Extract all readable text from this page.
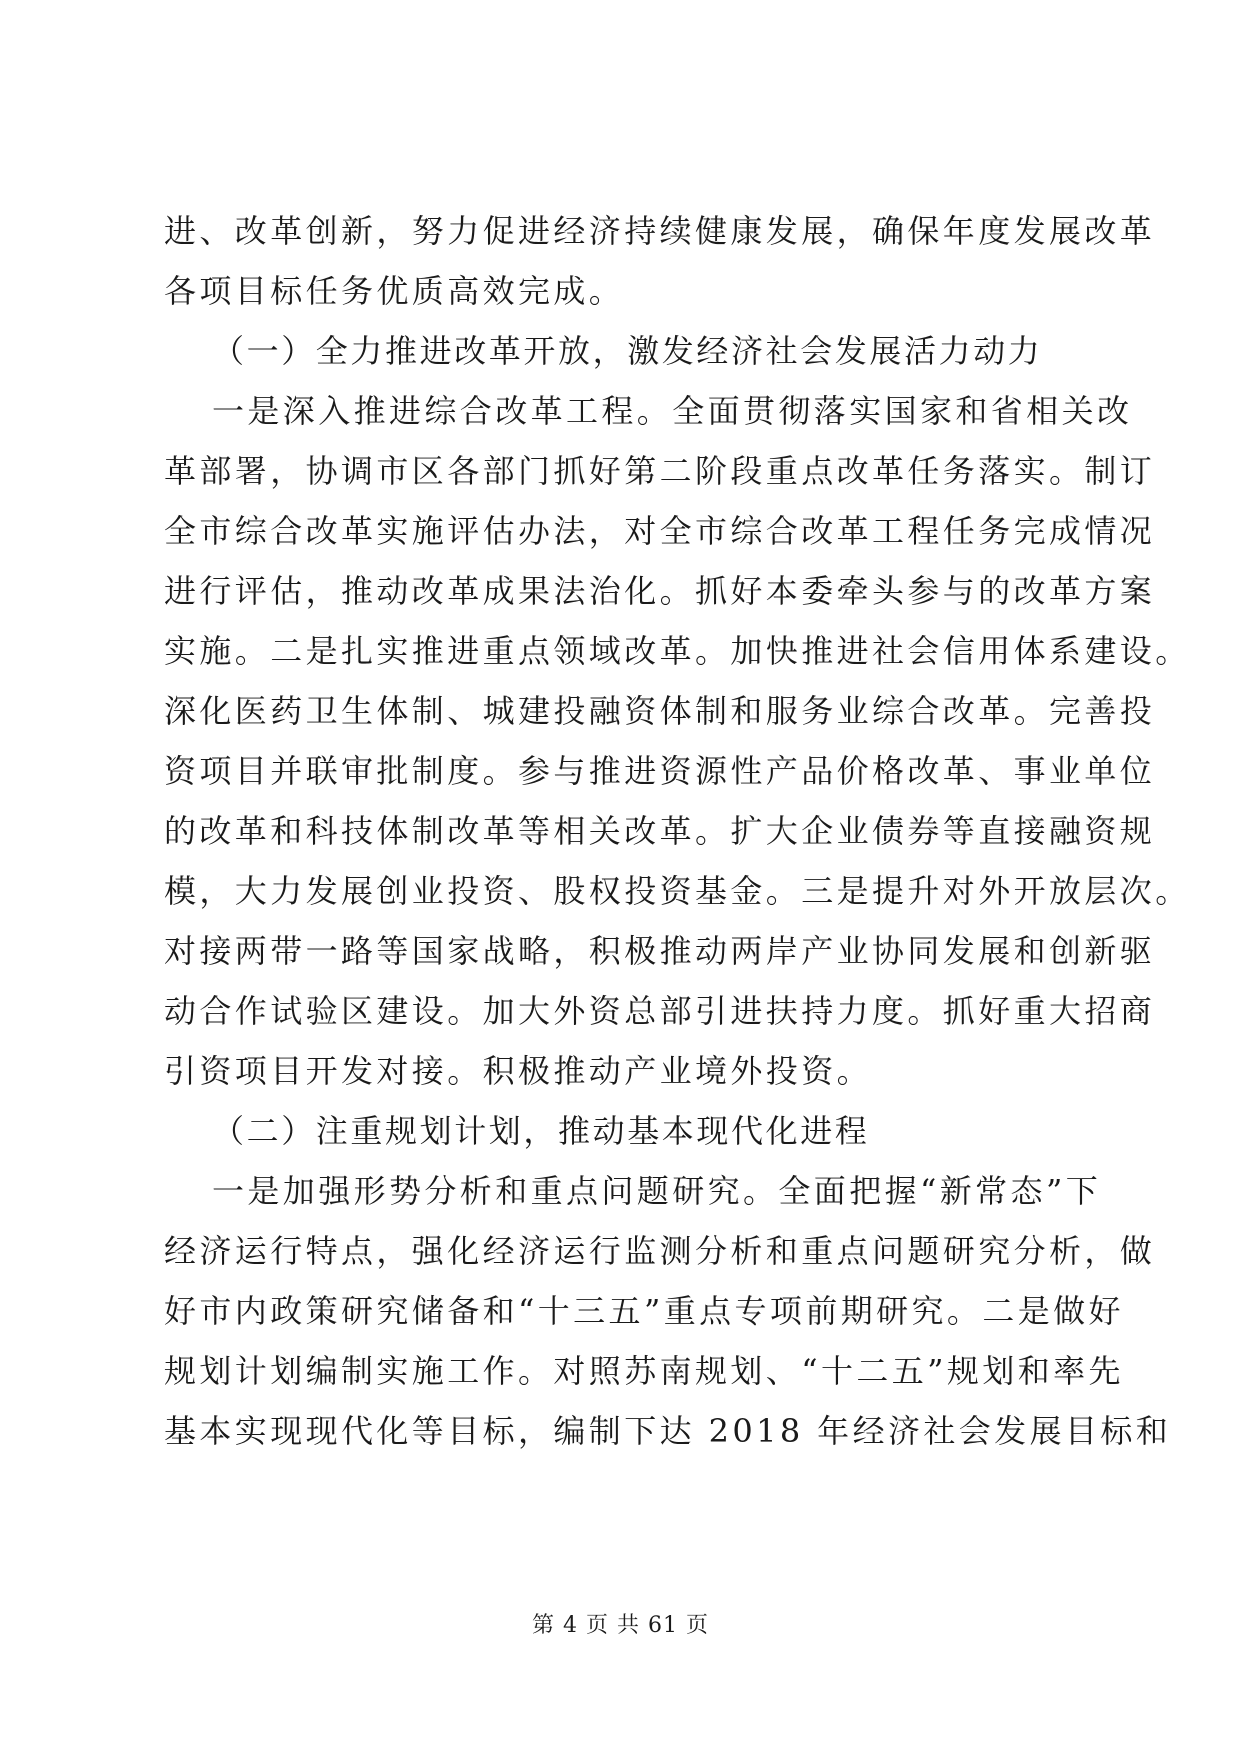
进、改革创新，努力促进经济持续健康发展，确保年度发展改革
各项目标任务优质高效完成。
（一）全力推进改革开放，激发经济社会发展活力动力
一是深入推进综合改革工程。全面贯彻落实国家和省相关改
革部署，协调市区各部门抓好第二阶段重点改革任务落实。制订
全市综合改革实施评估办法，对全市综合改革工程任务完成情况
进行评估，推动改革成果法治化。抓好本委牵头参与的改革方案
实施。二是扎实推进重点领域改革。加快推进社会信用体系建设。
深化医药卫生体制、城建投融资体制和服务业综合改革。完善投
资项目并联审批制度。参与推进资源性产品价格改革、事业单位
的改革和科技体制改革等相关改革。扩大企业债券等直接融资规
模，大力发展创业投资、股权投资基金。三是提升对外开放层次。
对接两带一路等国家战略，积极推动两岸产业协同发展和创新驱
动合作试验区建设。加大外资总部引进扶持力度。抓好重大招商
引资项目开发对接。积极推动产业境外投资。
（二）注重规划计划，推动基本现代化进程
一是加强形势分析和重点问题研究。全面把握“新常态”下
经济运行特点，强化经济运行监测分析和重点问题研究分析，做
好市内政策研究储备和“十三五”重点专项前期研究。二是做好
规划计划编制实施工作。对照苏南规划、“十二五”规划和率先
基本实现现代化等目标，编制下达 2018 年经济社会发展目标和
第 4 页 共 61 页
